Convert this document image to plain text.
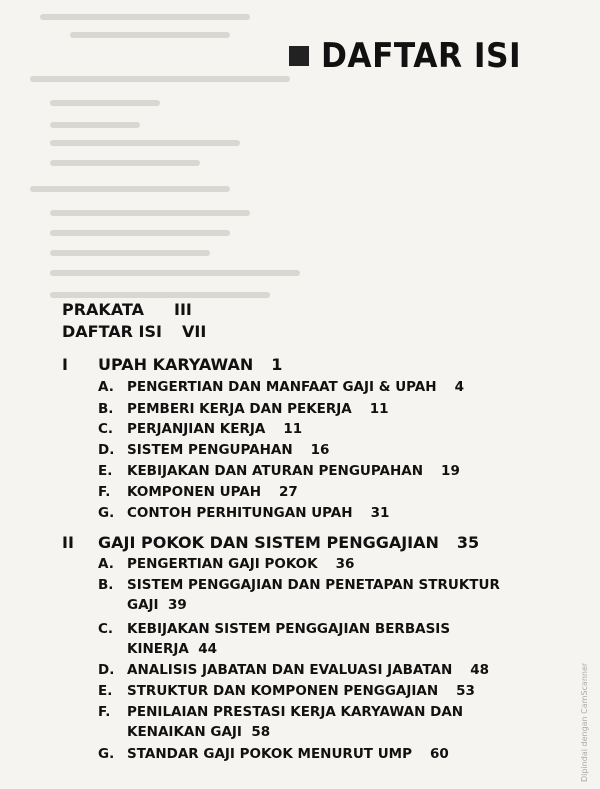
DAFTAR ISI
PRAKATA	III
DAFTAR ISI	VII
I	UPAH KARYAWAN 1
A. PENGERTIAN DAN MANFAAT GAJI & UPAH 4
B.	PEMBERI KERJA DAN PEKERJA 11
C.	PERJANJIAN KERJA 11
D. SISTEM PENGUPAHAN 16
E.	KEBIJAKAN DAN ATURAN PENGUPAHAN 19
F.	KOMPONEN UPAH 27
G. CONTOH PERHITUNGAN UPAH 31
II	GAJI POKOK DAN SISTEM PENGGAJIAN 35
A. PENGERTIAN GAJI POKOK 36
B.	SISTEM PENGGAJIAN DAN PENETAPAN STRUKTUR GAJI 39
C.	KEBIJAKAN SISTEM PENGGAJIAN BERBASIS KINERJA 44
D. ANALISIS JABATAN DAN EVALUASI JABATAN 48
E.	STRUKTUR DAN KOMPONEN PENGGAJIAN 53
F.	PENILAIAN PRESTASI KERJA KARYAWAN DAN KENAIKAN GAJI 58
G. STANDAR GAJI POKOK MENURUT UMP 60	Dipindai dengan CamScanner
